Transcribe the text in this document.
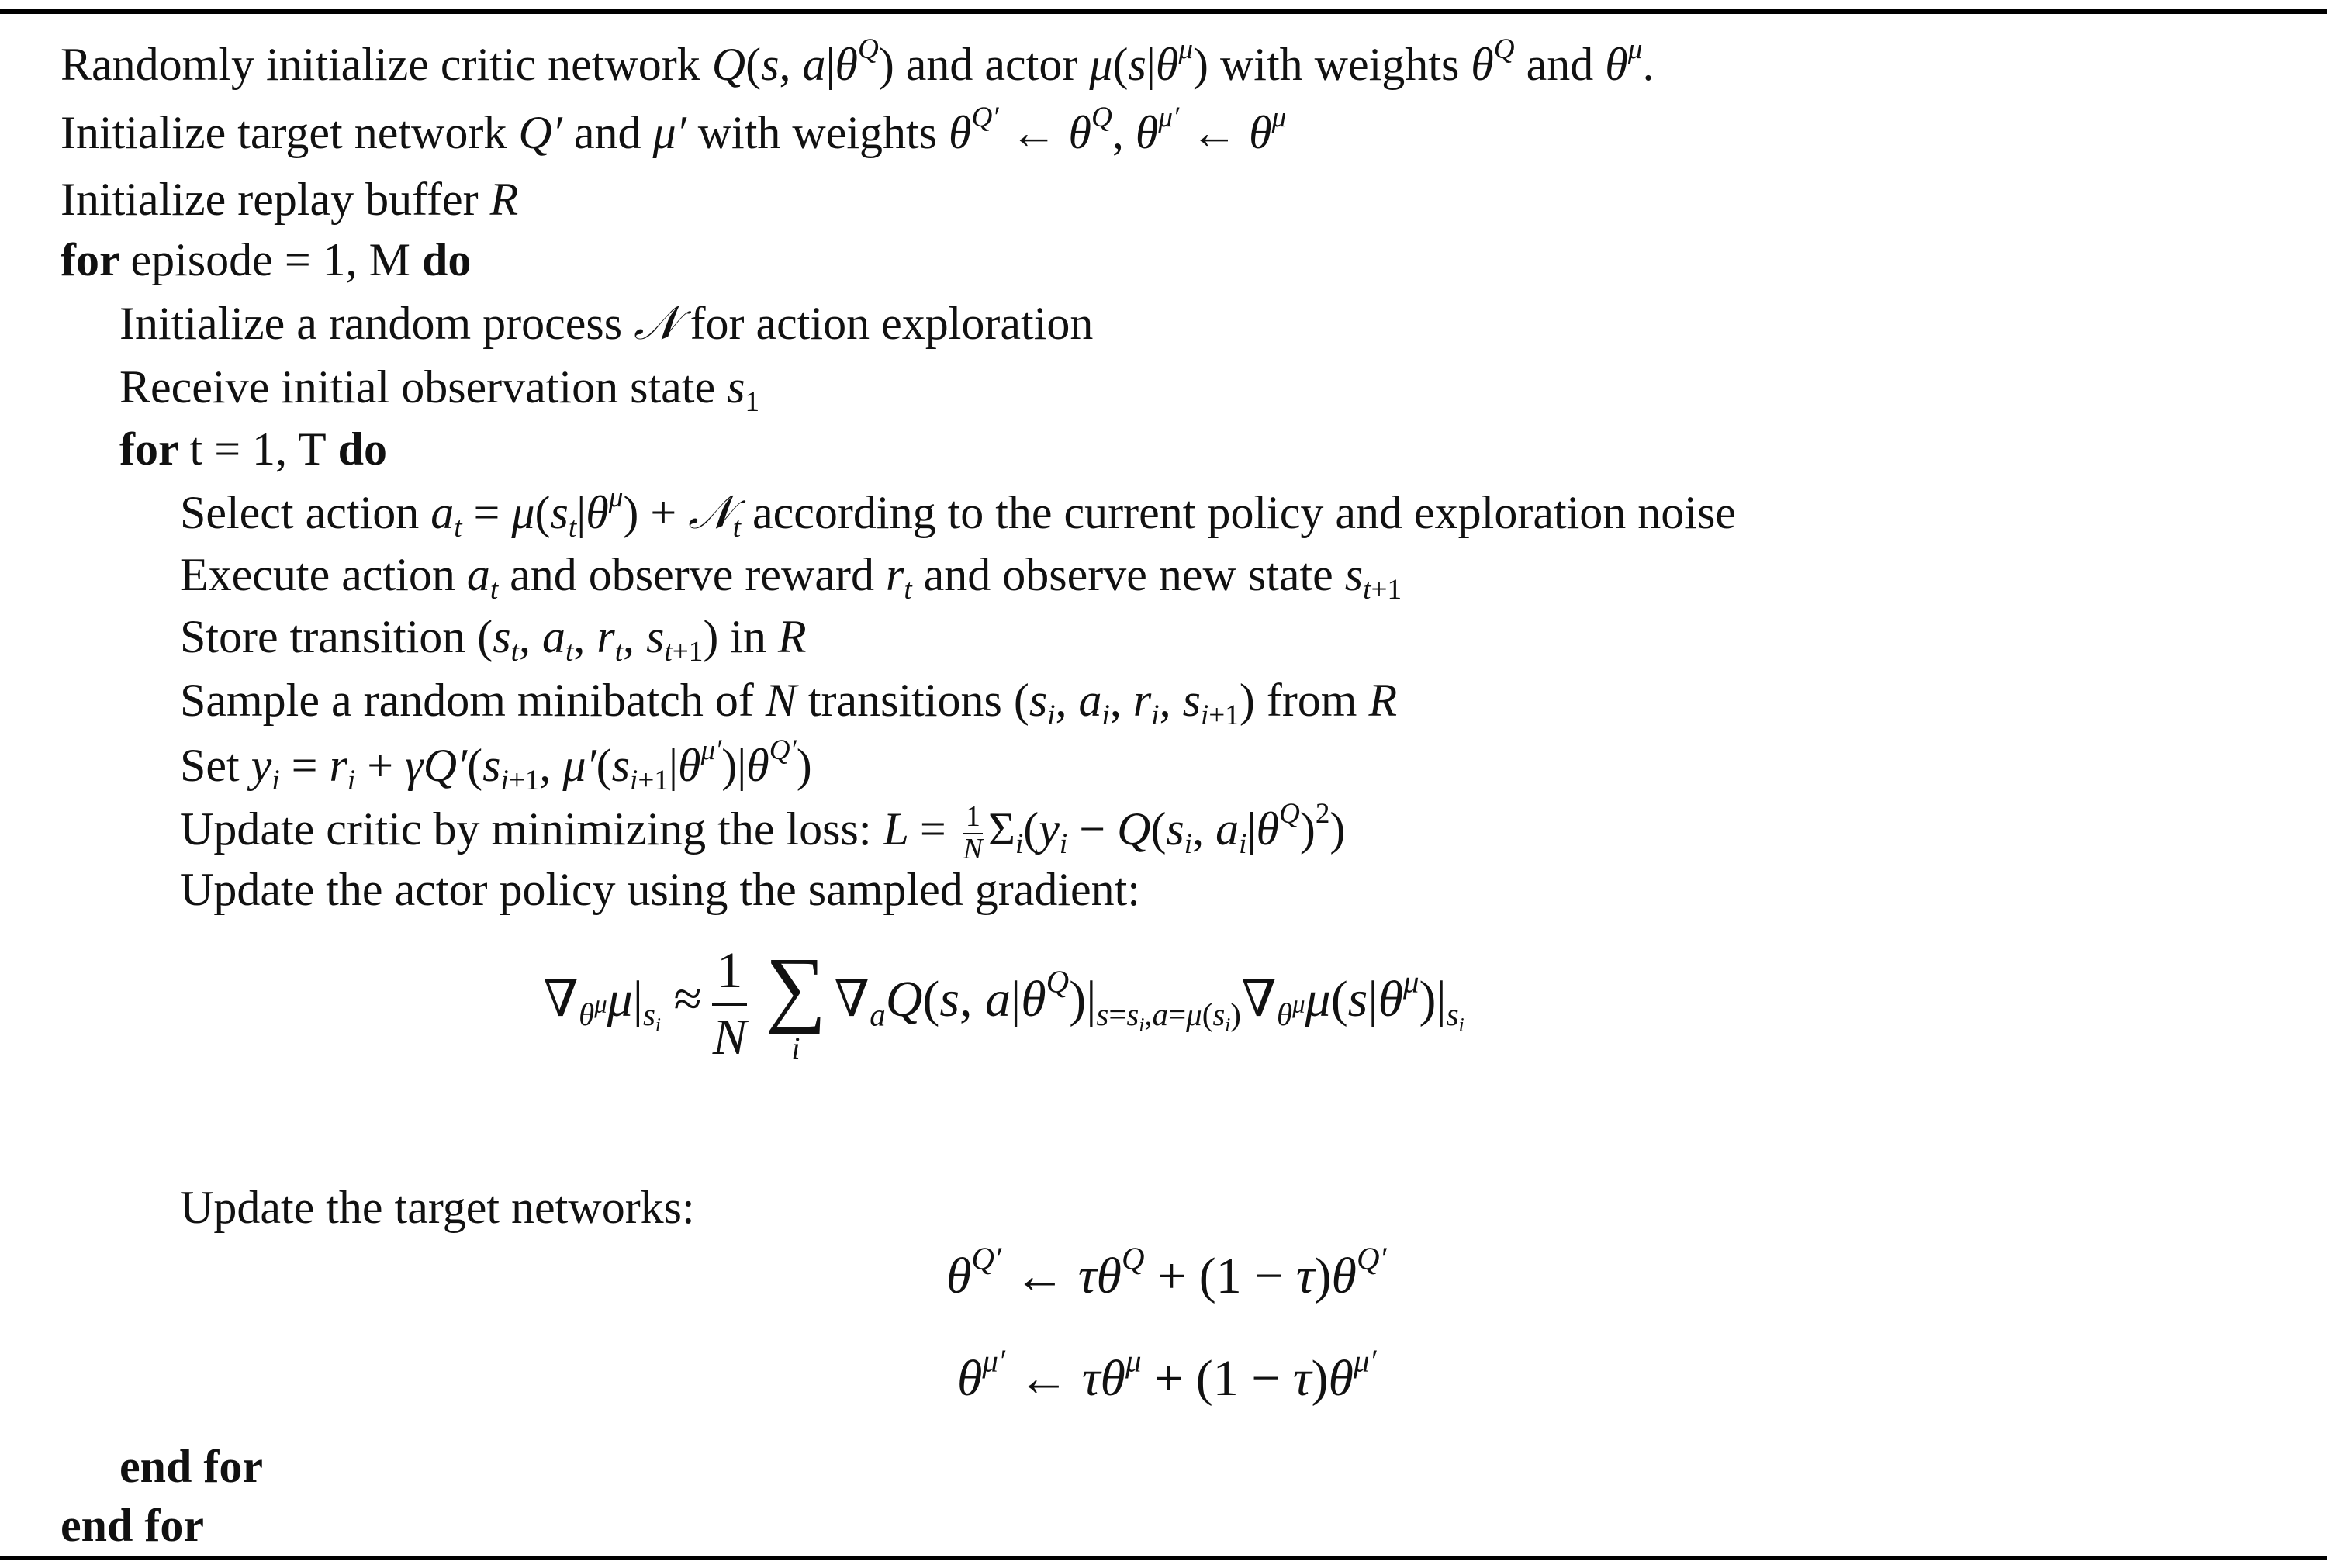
Randomly initialize critic network Q(s, $a|\theta^Q$) and actor $\mu(s|\theta^\mu)$ with weights $\theta^Q$ and $\theta^\mu$.
Initialize target network Q′ and μ′ with weights $\theta^{Q'}$ ← $\theta^Q$, $\theta^{\mu'}$ ← $\theta^\mu$
Initialize replay buffer R
for episode = 1, M do
Initialize a random process 𝒩 for action exploration
Receive initial observation state $s_1$
for t = 1, T do
Select action $a_t = \mu(s_t|\theta^\mu)$ + 𝒩$_t$ according to the current policy and exploration noise
Execute action $a_t$ and observe reward $r_t$ and observe new state $s_{t+1}$
Store transition ($s_t$, $a_t$, $r_t$, $s_{t+1}$) in R
Sample a random minibatch of N transitions ($s_i$, $a_i$, $r_i$, $s_{i+1}$) from R
Set $y_i = r_i + \gamma Q'(s_{i+1}$, $\mu'(s_{i+1}|\theta^{\mu'})|\theta^{Q'}$)
Update critic by minimizing the loss: $L = \frac{1}{N} \Sigma_i(y_i - Q(s_i$, $a_i|\theta^Q)^2$)
Update the actor policy using the sampled gradient:
$\nabla_{\theta^\mu}\mu|_{s_i} \approx \frac{1}{N}$ ∑
i
$\nabla_aQ(s$, $a|\theta^Q)|_{s=s_i,a=\mu(s_i)}\nabla_{\theta^\mu}\mu(s|\theta^\mu)|_{s_i}$
Update the target networks:
$\theta^{Q'}$ ← $\tau\theta^Q + (1 - \tau)\theta^{Q'}$
$\theta^{\mu'}$ ← $\tau\theta^\mu + (1 - \tau)\theta^{\mu'}$
end for
end for
